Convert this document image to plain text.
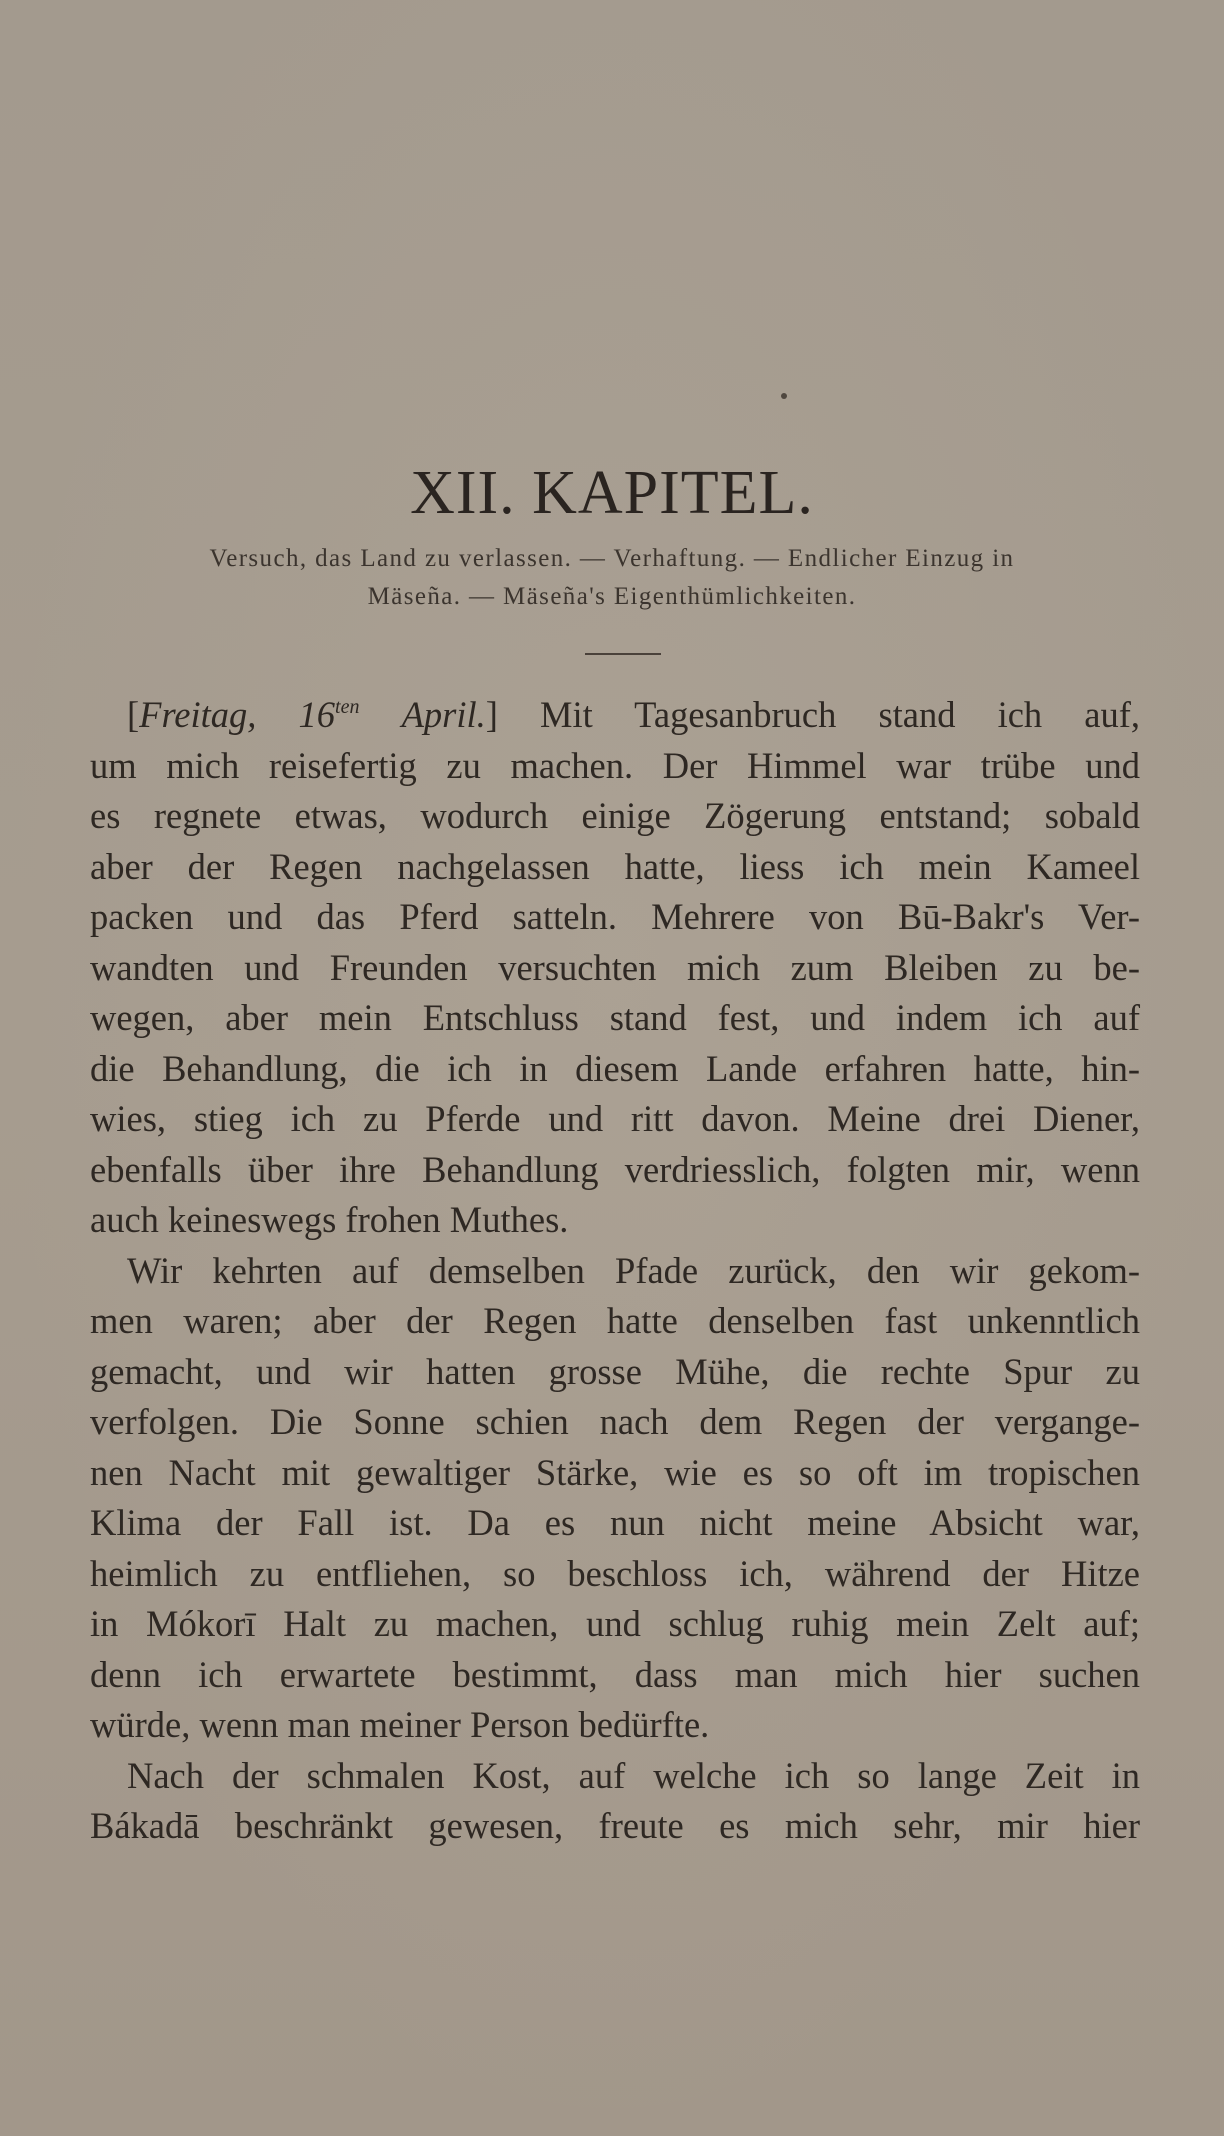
XII. KAPITEL.
Versuch, das Land zu verlassen. — Verhaftung. — Endlicher Einzug in
Mäseña. — Mäseña's Eigenthümlichkeiten.
[Freitag, $16^{ten}$ April.] Mit Tagesanbruch stand ich auf,
um mich reisefertig zu machen. Der Himmel war trübe und
es regnete etwas, wodurch einige Zögerung entstand; sobald
aber der Regen nachgelassen hatte, liess ich mein Kameel
packen und das Pferd satteln. Mehrere von Bū-Bakr's Ver-
wandten und Freunden versuchten mich zum Bleiben zu be-
wegen, aber mein Entschluss stand fest, und indem ich auf
die Behandlung, die ich in diesem Lande erfahren hatte, hin-
wies, stieg ich zu Pferde und ritt davon. Meine drei Diener,
ebenfalls über ihre Behandlung verdriesslich, folgten mir, wenn
auch keineswegs frohen Muthes.
Wir kehrten auf demselben Pfade zurück, den wir gekom-
men waren; aber der Regen hatte denselben fast unkenntlich
gemacht, und wir hatten grosse Mühe, die rechte Spur zu
verfolgen. Die Sonne schien nach dem Regen der vergange-
nen Nacht mit gewaltiger Stärke, wie es so oft im tropischen
Klima der Fall ist. Da es nun nicht meine Absicht war,
heimlich zu entfliehen, so beschloss ich, während der Hitze
in Mókorī Halt zu machen, und schlug ruhig mein Zelt auf;
denn ich erwartete bestimmt, dass man mich hier suchen
würde, wenn man meiner Person bedürfte.
Nach der schmalen Kost, auf welche ich so lange Zeit in
Bákadā beschränkt gewesen, freute es mich sehr, mir hier
